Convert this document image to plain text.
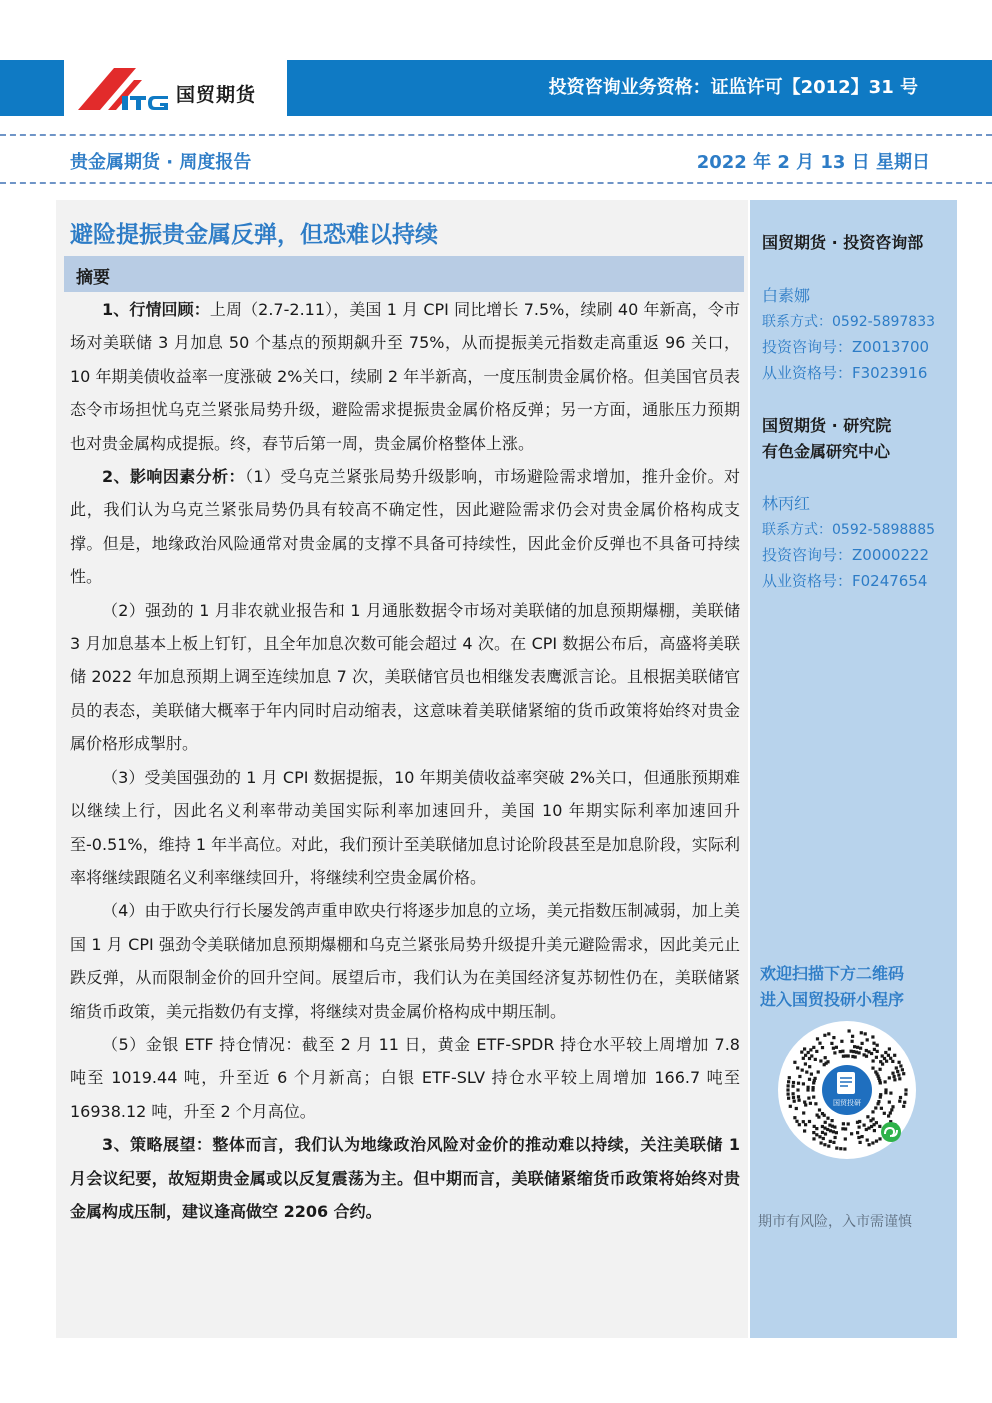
国贸期货	投资咨询业务资格：证监许可【2012】31 号
贵金属期货 · 周度报告	2022 年 2 月 13 日 星期日
避险提振贵金属反弹，但恐难以持续
摘要

1、行情回顾：上周（2.7-2.11），美国 1 月 CPI 同比增长 7.5%，续刷 40 年新高，令市场对美联储 3 月加息 50 个基点的预期飙升至 75%，从而提振美元指数走高重返 96 关口，10 年期美债收益率一度涨破 2%关口，续刷 2 年半新高，一度压制贵金属价格。但美国官员表态令市场担忧乌克兰紧张局势升级，避险需求提振贵金属价格反弹；另一方面，通胀压力预期也对贵金属构成提振。终，春节后第一周，贵金属价格整体上涨。

2、影响因素分析：（1）受乌克兰紧张局势升级影响，市场避险需求增加，推升金价。对此，我们认为乌克兰紧张局势仍具有较高不确定性，因此避险需求仍会对贵金属价格构成支撑。但是，地缘政治风险通常对贵金属的支撑不具备可持续性，因此金价反弹也不具备可持续性。

（2）强劲的 1 月非农就业报告和 1 月通胀数据令市场对美联储的加息预期爆棚，美联储 3 月加息基本上板上钉钉，且全年加息次数可能会超过 4 次。在 CPI 数据公布后，高盛将美联储 2022 年加息预期上调至连续加息 7 次，美联储官员也相继发表鹰派言论。且根据美联储官员的表态，美联储大概率于年内同时启动缩表，这意味着美联储紧缩的货币政策将始终对贵金属价格形成掣肘。

（3）受美国强劲的 1 月 CPI 数据提振，10 年期美债收益率突破 2%关口，但通胀预期难以继续上行，因此名义利率带动美国实际利率加速回升，美国 10 年期实际利率加速回升至-0.51%，维持 1 年半高位。对此，我们预计至美联储加息讨论阶段甚至是加息阶段，实际利率将继续跟随名义利率继续回升，将继续利空贵金属价格。

（4）由于欧央行行长屡发鸽声重申欧央行将逐步加息的立场，美元指数压制减弱，加上美国 1 月 CPI 强劲令美联储加息预期爆棚和乌克兰紧张局势升级提升美元避险需求，因此美元止跌反弹，从而限制金价的回升空间。展望后市，我们认为在美国经济复苏韧性仍在，美联储紧缩货币政策，美元指数仍有支撑，将继续对贵金属价格构成中期压制。

（5）金银 ETF 持仓情况：截至 2 月 11 日，黄金 ETF-SPDR 持仓水平较上周增加 7.8 吨至 1019.44 吨，升至近 6 个月新高；白银 ETF-SLV 持仓水平较上周增加 166.7 吨至 16938.12 吨，升至 2 个月高位。

3、策略展望：整体而言，我们认为地缘政治风险对金价的推动难以持续，关注美联储 1 月会议纪要，故短期贵金属或以反复震荡为主。但中期而言，美联储紧缩货币政策将始终对贵金属构成压制，建议逢高做空 2206 合约。

国贸期货 · 投资咨询部
白素娜
联系方式：0592-5897833
投资咨询号：Z0013700
从业资格号：F3023916
国贸期货 · 研究院
有色金属研究中心
林丙红
联系方式：0592-5898885
投资咨询号：Z0000222
从业资格号：F0247654
欢迎扫描下方二维码
进入国贸投研小程序
国贸投研
期市有风险，入市需谨慎
